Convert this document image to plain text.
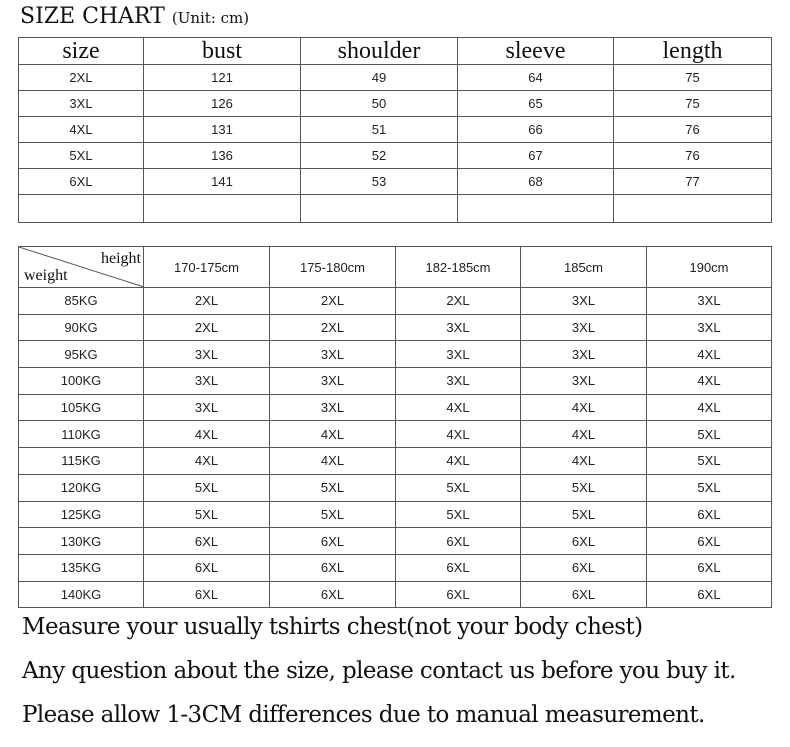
SIZE CHART (Unit: cm)
size	bust	shoulder	sleeve	length
2XL	121	49	64	75
3XL	126	50	65	75
4XL	131	51	66	76
5XL	136	52	67	76
6XL	141	53	68	77

height
weight	170-175cm	175-180cm	182-185cm	185cm	190cm
85KG	2XL	2XL	2XL	3XL	3XL
90KG	2XL	2XL	3XL	3XL	3XL
95KG	3XL	3XL	3XL	3XL	4XL
100KG	3XL	3XL	3XL	3XL	4XL
105KG	3XL	3XL	4XL	4XL	4XL
110KG	4XL	4XL	4XL	4XL	5XL
115KG	4XL	4XL	4XL	4XL	5XL
120KG	5XL	5XL	5XL	5XL	5XL
125KG	5XL	5XL	5XL	5XL	6XL
130KG	6XL	6XL	6XL	6XL	6XL
135KG	6XL	6XL	6XL	6XL	6XL
140KG	6XL	6XL	6XL	6XL	6XL
Measure your usually tshirts chest(not your body chest)
Any question about the size, please contact us before you buy it.
Please allow 1-3CM differences due to manual measurement.
